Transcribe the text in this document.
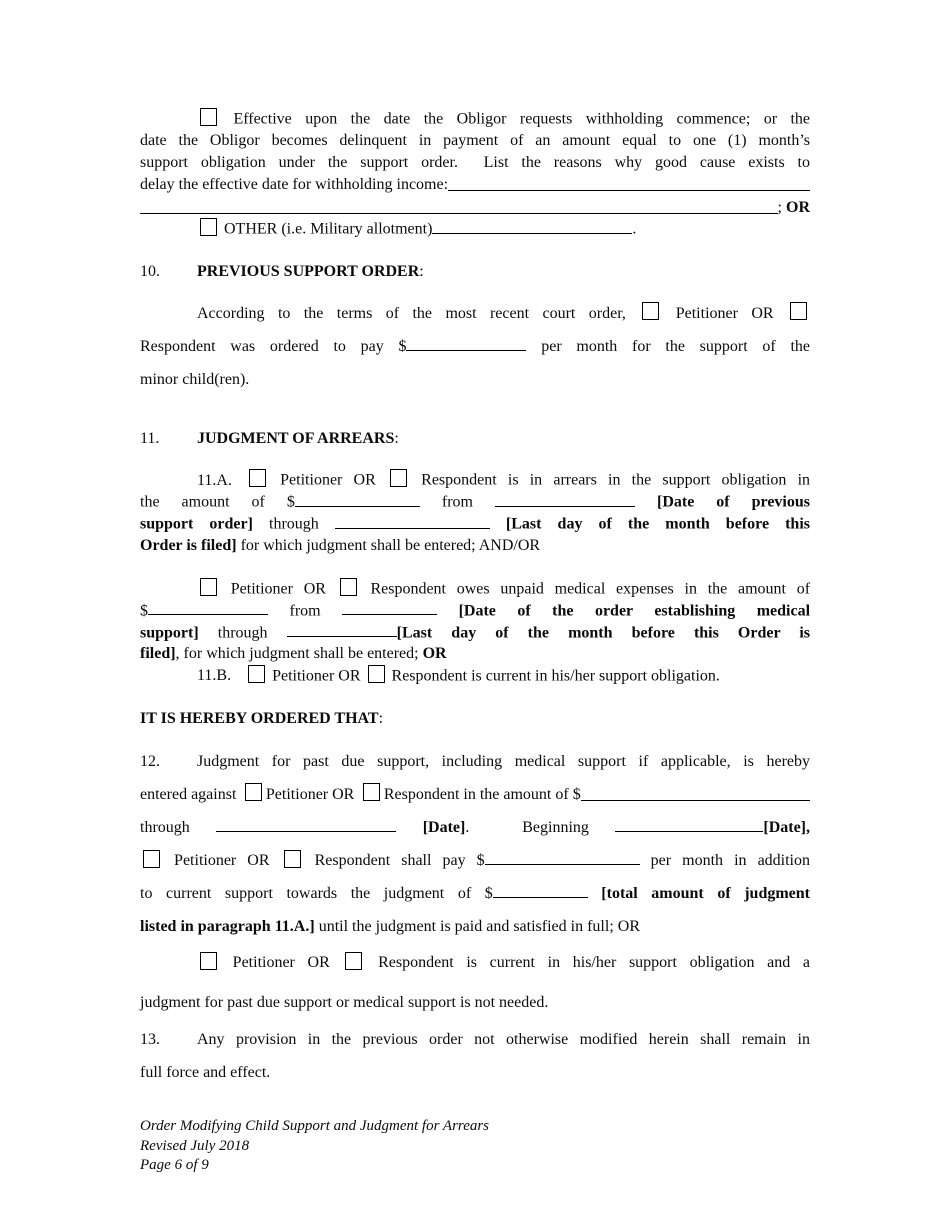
Effective upon the date the Obligor requests withholding commence; or the
date the Obligor becomes delinquent in payment of an amount equal to one (1) month’s
support obligation under the support order.  List the reasons why good cause exists to
delay the effective date for withholding income:
; OR
OTHER (i.e. Military allotment)	.
10. PREVIOUS SUPPORT ORDER:
According to the terms of the most recent court order,	Petitioner OR
Respondent was ordered to pay $	per month for the support of the
minor child(ren).
11. JUDGMENT OF ARREARS:
11.A.	Petitioner OR	Respondent is in arrears in the support obligation in
the amount of $	from	[Date of previous
support order] through	[Last day of the month before this
Order is filed] for which judgment shall be entered; AND/OR
Petitioner OR	Respondent owes unpaid medical expenses in the amount of
$	from	[Date of the order establishing medical
support] through	[Last day of the month before this Order is
filed], for which judgment shall be entered; OR
11.B.	Petitioner OR Respondent is current in his/her support obligation.
IT IS HEREBY ORDERED THAT:
12. Judgment for past due support, including medical support if applicable, is hereby
entered against Petitioner OR Respondent in the amount of $
through	[Date].  Beginning	[Date],
Petitioner OR	Respondent shall pay $	per month in addition
to current support towards the judgment of $	[total amount of judgment
listed in paragraph 11.A.] until the judgment is paid and satisfied in full; OR
Petitioner OR	Respondent is current in his/her support obligation and a
judgment for past due support or medical support is not needed.
13. Any provision in the previous order not otherwise modified herein shall remain in
full force and effect.
Order Modifying Child Support and Judgment for Arrears
Revised July 2018
Page 6 of 9
